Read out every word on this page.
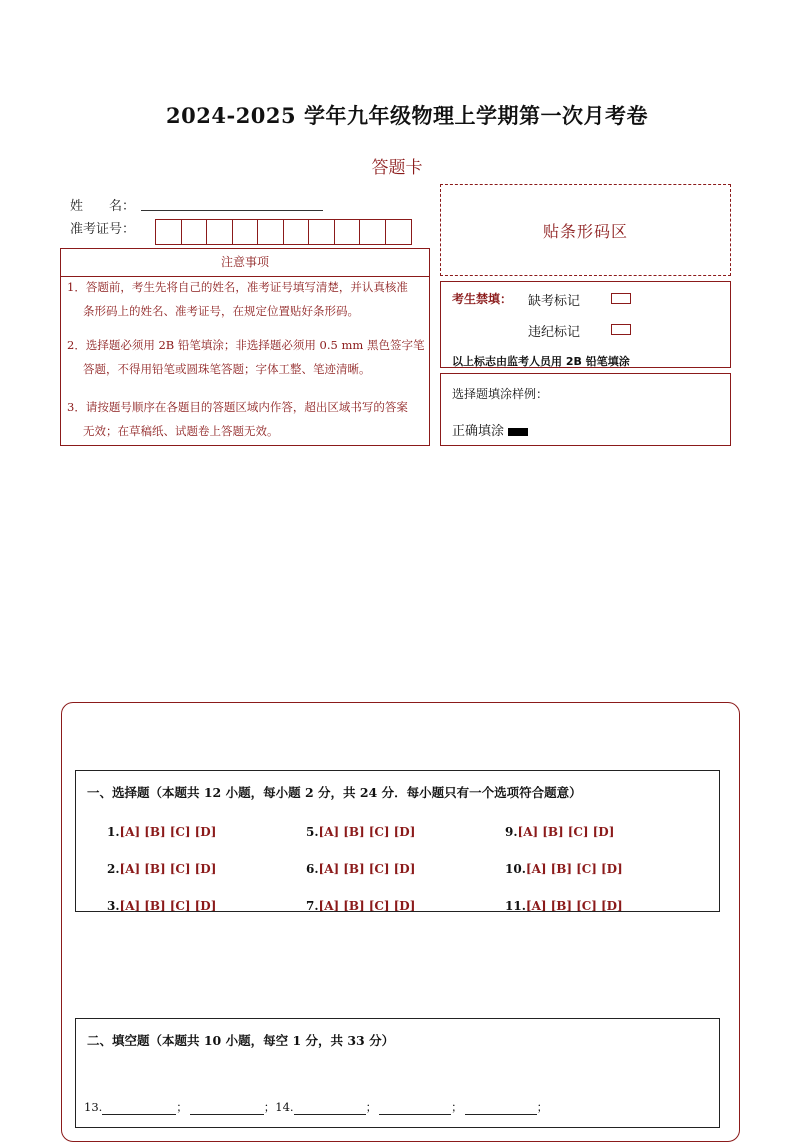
2024-2025 学年九年级物理上学期第一次月考卷
答题卡
姓　　名：
准考证号：	贴条形码区
注意事项
1．答题前，考生先将自己的姓名，准考证号填写清楚，并认真核准
条形码上的姓名、准考证号，在规定位置贴好条形码。
2．选择题必须用 2B 铅笔填涂；非选择题必须用 0.5 mm 黑色签字笔
答题，不得用铅笔或圆珠笔答题；字体工整、笔迹清晰。
3．请按题号顺序在各题目的答题区域内作答，超出区域书写的答案
无效；在草稿纸、试题卷上答题无效。
考生禁填： 缺考标记
违纪标记
以上标志由监考人员用 2B 铅笔填涂
选择题填涂样例：
正确填涂
一、选择题（本题共 12 小题，每小题 2 分，共 24 分．每小题只有一个选项符合题意）
1.[A] [B] [C] [D]	5.[A] [B] [C] [D]	9.[A] [B] [C] [D]
2.[A] [B] [C] [D]	6.[A] [B] [C] [D]	10.[A] [B] [C] [D]
3.[A] [B] [C] [D]	7.[A] [B] [C] [D]	11.[A] [B] [C] [D]
二、填空题（本题共 10 小题，每空 1 分，共 33 分）
13.	；	；14.	；	；	；
